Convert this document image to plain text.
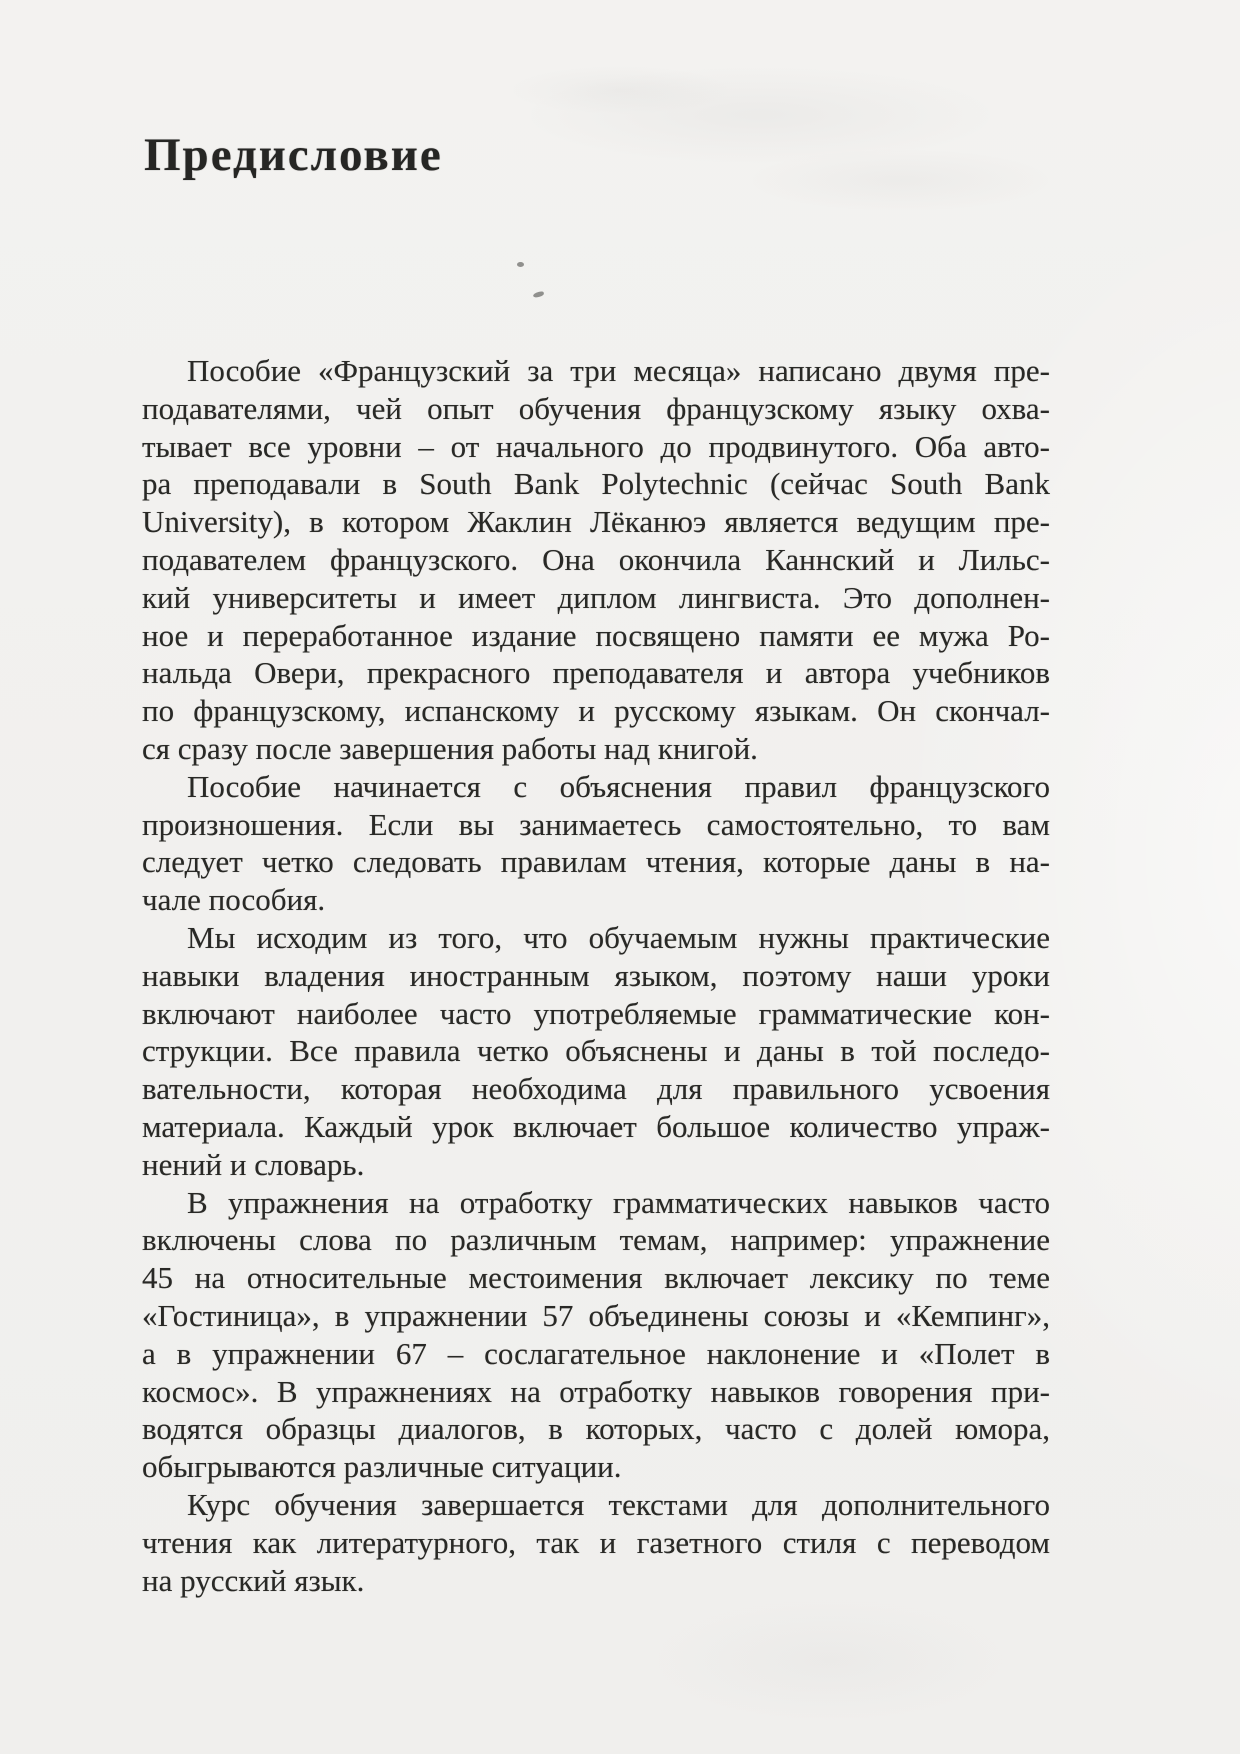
Предисловие
Пособие «Французский за три месяца» написано двумя пре-
подавателями, чей опыт обучения французскому языку охва-
тывает все уровни – от начального до продвинутого. Оба авто-
ра преподавали в South Bank Polytechnic (сейчас South Bank
University), в котором Жаклин Лёканюэ является ведущим пре-
подавателем французского. Она окончила Каннский и Лильс-
кий университеты и имеет диплом лингвиста. Это дополнен-
ное и переработанное издание посвящено памяти ее мужа Ро-
нальда Овери, прекрасного преподавателя и автора учебников
по французскому, испанскому и русскому языкам. Он скончал-
ся сразу после завершения работы над книгой.
Пособие начинается с объяснения правил французского
произношения. Если вы занимаетесь самостоятельно, то вам
следует четко следовать правилам чтения, которые даны в на-
чале пособия.
Мы исходим из того, что обучаемым нужны практические
навыки владения иностранным языком, поэтому наши уроки
включают наиболее часто употребляемые грамматические кон-
струкции. Все правила четко объяснены и даны в той последо-
вательности, которая необходима для правильного усвоения
материала. Каждый урок включает большое количество упраж-
нений и словарь.
В упражнения на отработку грамматических навыков часто
включены слова по различным темам, например: упражнение
45 на относительные местоимения включает лексику по теме
«Гостиница», в упражнении 57 объединены союзы и «Кемпинг»,
а в упражнении 67 – сослагательное наклонение и «Полет в
космос». В упражнениях на отработку навыков говорения при-
водятся образцы диалогов, в которых, часто с долей юмора,
обыгрываются различные ситуации.
Курс обучения завершается текстами для дополнительного
чтения как литературного, так и газетного стиля с переводом
на русский язык.
